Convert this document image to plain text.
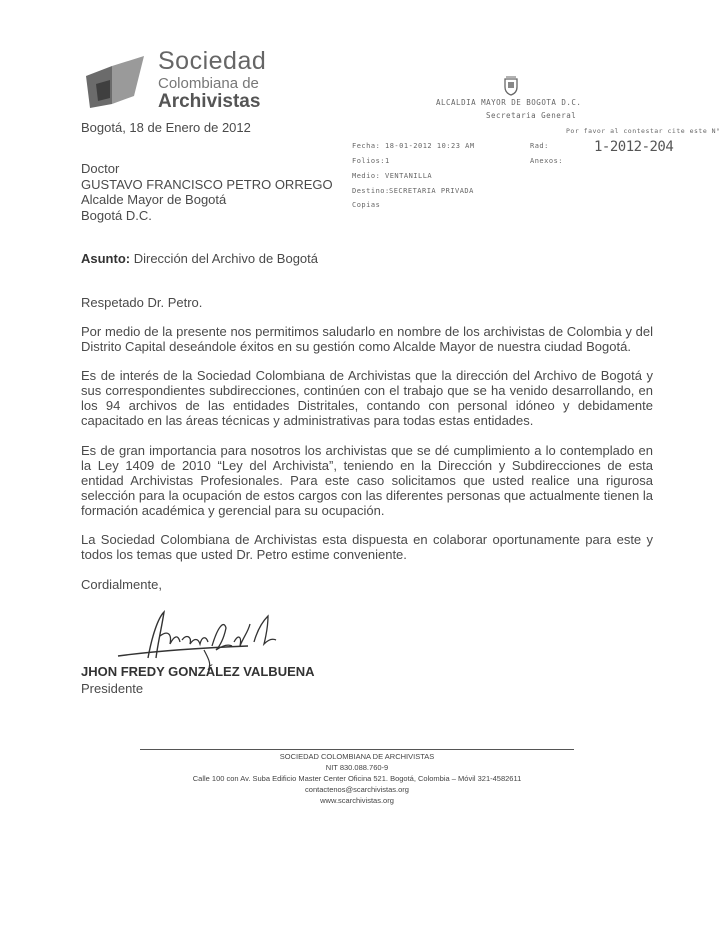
Sociedad
Colombiana de
Archivistas	ALCALDIA MAYOR DE BOGOTA D.C.
Secretaria General
Por favor al contestar cite este N°
Fecha: 18-01-2012 10:23 AM	Rad:	1-2012-204
Folios: 1	Anexos:
Medio: VENTANILLA
Destino: SECRETARIA PRIVADA
Copias
Bogotá, 18 de Enero de 2012
Doctor
GUSTAVO FRANCISCO PETRO ORREGO
Alcalde Mayor de Bogotá
Bogotá D.C.
Asunto: Dirección del Archivo de Bogotá
Respetado Dr. Petro.
Por medio de la presente nos permitimos saludarlo en nombre de los archivistas de Colombia y del
Distrito Capital deseándole éxitos en su gestión como Alcalde Mayor de nuestra ciudad Bogotá.
Es de interés de la Sociedad Colombiana de Archivistas que la dirección del Archivo de Bogotá y
sus correspondientes subdirecciones, continúen con el trabajo que se ha venido desarrollando, en
los 94 archivos de las entidades Distritales, contando con personal idóneo y debidamente
capacitado en las áreas técnicas y administrativas para todas estas entidades.
Es de gran importancia para nosotros los archivistas que se dé cumplimiento a lo contemplado en
la Ley 1409 de 2010 “Ley del Archivista”, teniendo en la Dirección y Subdirecciones de esta
entidad Archivistas Profesionales. Para este caso solicitamos que usted realice una rigurosa
selección para la ocupación de estos cargos con las diferentes personas que actualmente tienen la
formación académica y gerencial para su ocupación.
La Sociedad Colombiana de Archivistas esta dispuesta en colaborar oportunamente para este y
todos los temas que usted Dr. Petro estime conveniente.
Cordialmente,
JHON FREDY GONZÁLEZ VALBUENA
Presidente
SOCIEDAD COLOMBIANA DE ARCHIVISTAS
NIT 830.088.760-9
Calle 100 con Av. Suba Edificio Master Center Oficina 521. Bogotá, Colombia – Móvil 321-4582611
contactenos@scarchivistas.org
www.scarchivistas.org
